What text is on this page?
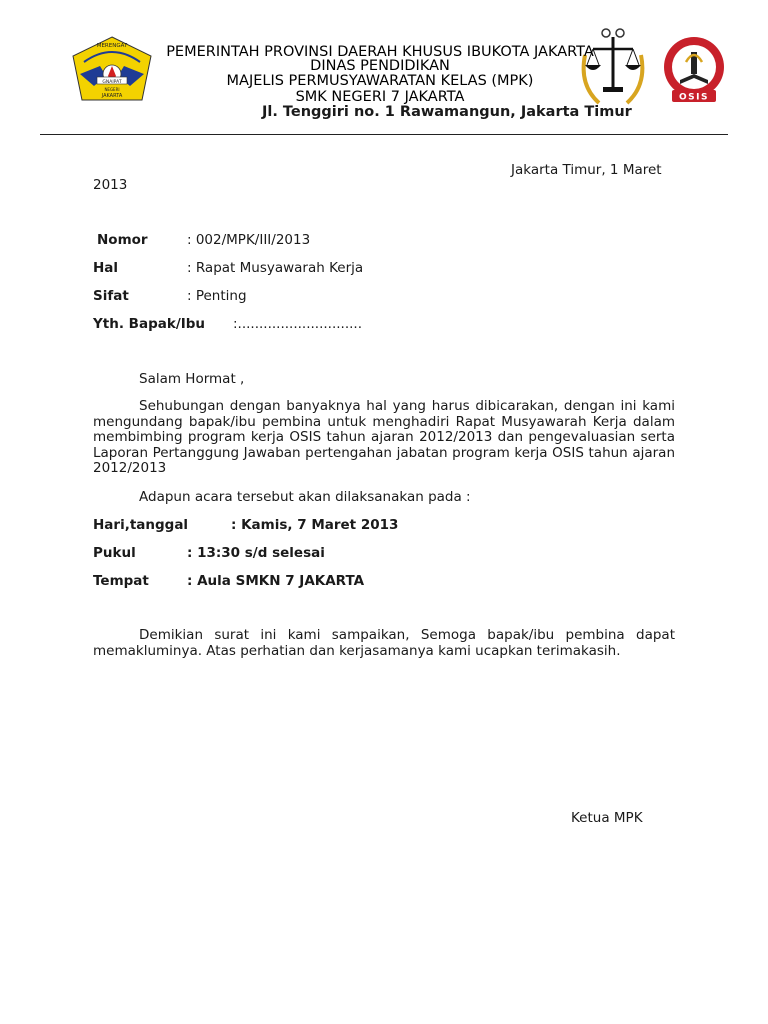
MERENGAT
GNAIPAT
NEGERI
JAKARTA	OSIS
PEMERINTAH PROVINSI DAERAH KHUSUS IBUKOTA JAKARTA
DINAS PENDIDIKAN
MAJELIS PERMUSYAWARATAN KELAS (MPK)
SMK NEGERI 7 JAKARTA
Jl. Tenggiri no. 1 Rawamangun, Jakarta Timur
Jakarta Timur, 1 Maret
2013
Nomor	: 002/MPK/III/2013
Hal	: Rapat Musyawarah Kerja
Sifat	: Penting
Yth. Bapak/Ibu :.............................
Salam Hormat ,
Sehubungan dengan banyaknya hal yang harus dibicarakan, dengan ini kami mengundang bapak/ibu pembina untuk menghadiri Rapat Musyawarah Kerja dalam membimbing program kerja OSIS tahun ajaran 2012/2013 dan pengevaluasian serta Laporan Pertanggung Jawaban pertengahan jabatan program kerja OSIS tahun ajaran 2012/2013
Adapun acara tersebut akan dilaksanakan pada :
Hari,tanggal	: Kamis, 7 Maret 2013
Pukul	: 13:30 s/d selesai
Tempat	: Aula SMKN 7 JAKARTA
Demikian surat ini kami sampaikan, Semoga bapak/ibu pembina dapat memakluminya. Atas perhatian dan kerjasamanya kami ucapkan terimakasih.
Ketua MPK
